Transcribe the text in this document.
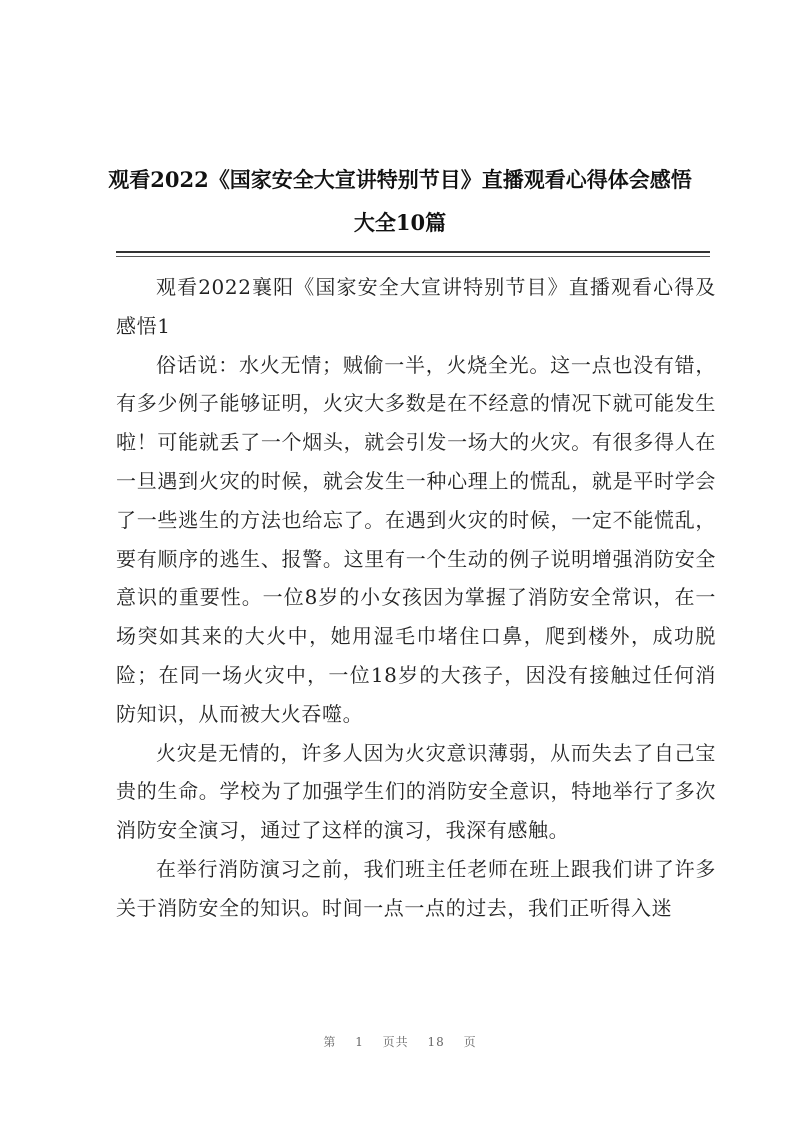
观看2022《国家安全大宣讲特别节目》直播观看心得体会感悟
大全10篇

观看2022襄阳《国家安全大宣讲特别节目》直播观看心得及感悟1

俗话说：水火无情；贼偷一半，火烧全光。这一点也没有错，有多少例子能够证明，火灾大多数是在不经意的情况下就可能发生啦！可能就丢了一个烟头，就会引发一场大的火灾。有很多得人在一旦遇到火灾的时候，就会发生一种心理上的慌乱，就是平时学会了一些逃生的方法也给忘了。在遇到火灾的时候，一定不能慌乱，要有顺序的逃生、报警。这里有一个生动的例子说明增强消防安全意识的重要性。一位8岁的小女孩因为掌握了消防安全常识，在一场突如其来的大火中，她用湿毛巾堵住口鼻，爬到楼外，成功脱险；在同一场火灾中，一位18岁的大孩子，因没有接触过任何消防知识，从而被大火吞噬。

火灾是无情的，许多人因为火灾意识薄弱，从而失去了自己宝贵的生命。学校为了加强学生们的消防安全意识，特地举行了多次消防安全演习，通过了这样的演习，我深有感触。

在举行消防演习之前，我们班主任老师在班上跟我们讲了许多关于消防安全的知识。时间一点一点的过去，我们正听得入迷

第 1 页共 18 页
